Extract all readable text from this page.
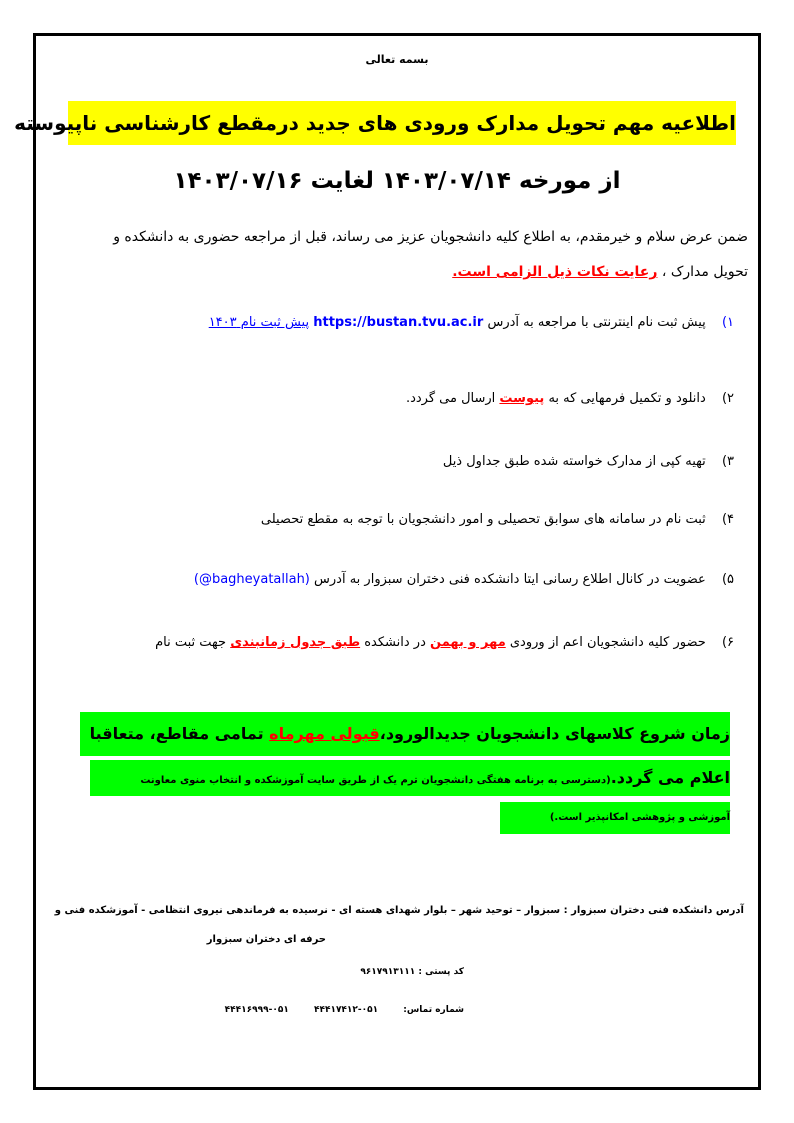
بسمه تعالی
اطلاعیه مهم تحویل مدارک ورودی های جدید درمقطع کارشناسی ناپیوسته
از مورخه ۱۴۰۳/۰۷/۱۴ لغایت ۱۴۰۳/۰۷/۱۶
ضمن عرض سلام و خیرمقدم، به اطلاع کلیه دانشجویان عزیز می رساند، قبل از مراجعه حضوری به دانشکده و
تحویل مدارک ، رعایت نکات ذیل الزامی است.
۱) پیش ثبت نام اینترنتی با مراجعه به آدرس https://bustan.tvu.ac.ir پیش ثبت نام ۱۴۰۳
۲) دانلود و تکمیل فرمهایی که به پیوست ارسال می گردد.
۳) تهیه کپی از مدارک خواسته شده طبق جداول ذیل
۴) ثبت نام در سامانه های سوابق تحصیلی و امور دانشجویان با توجه به مقطع تحصیلی
۵) عضویت در کانال اطلاع رسانی ایتا دانشکده فنی دختران سبزوار به آدرس (@bagheyatallah)
۶) حضور کلیه دانشجویان اعم از ورودی مهر و بهمن در دانشکده طبق جدول زمانبندی جهت ثبت نام
زمان شروع کلاسهای دانشجویان جدیدالورود،قبولی مهرماه تمامی مقاطع، متعاقبا
اعلام می گردد.(دسترسی به برنامه هفتگی دانشجویان ترم یک از طریق سایت آموزشکده و انتخاب منوی معاونت
آموزشی و پژوهشی امکانپذیر است.)
آدرس دانشکده فنی دختران سبزوار : سبزوار – توحید شهر – بلوار شهدای هسته ای - نرسیده به فرماندهی نیروی انتظامی - آموزشکده فنی و
حرفه ای دختران سبزوار
کد پستی : ۹۶۱۷۹۱۳۱۱۱
شماره تماس: ۰۵۱-۴۴۴۱۷۴۱۲ ۰۵۱-۴۴۴۱۶۹۹۹
